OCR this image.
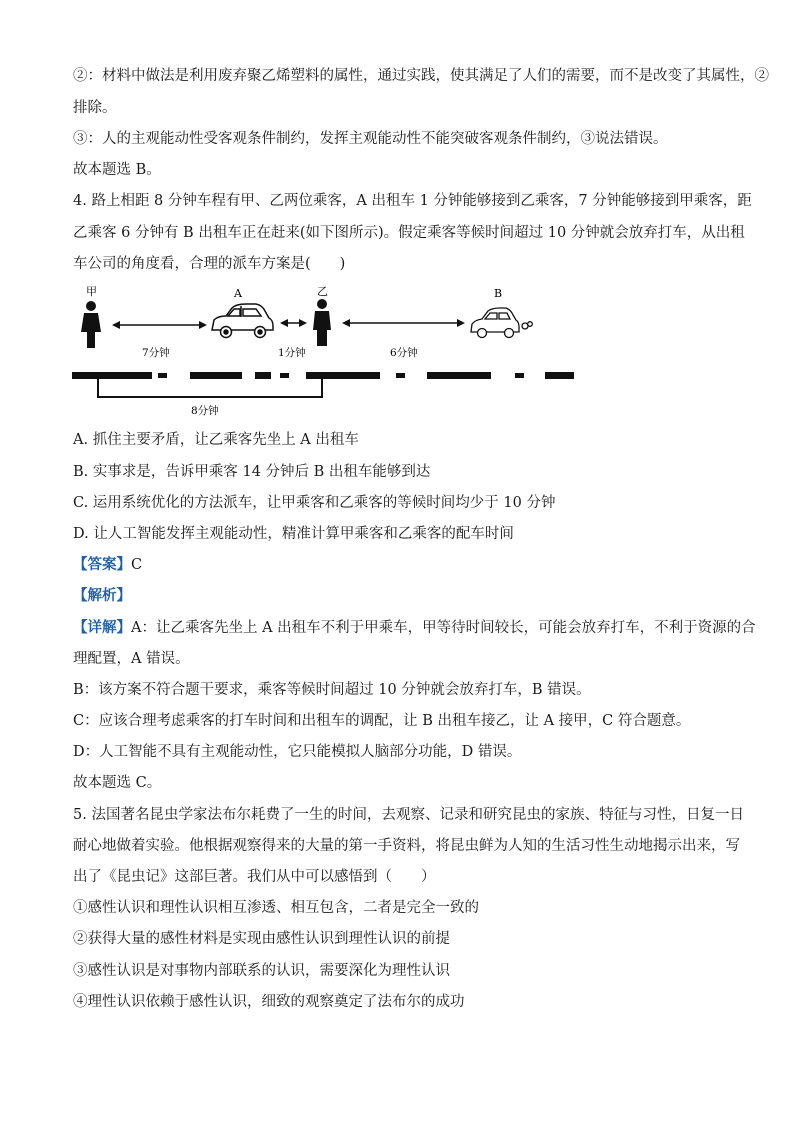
②：材料中做法是利用废弃聚乙烯塑料的属性，通过实践，使其满足了人们的需要，而不是改变了其属性，②
排除。
③：人的主观能动性受客观条件制约，发挥主观能动性不能突破客观条件制约，③说法错误。
故本题选 B。
4. 路上相距 8 分钟车程有甲、乙两位乘客，A 出租车 1 分钟能够接到乙乘客，7 分钟能够接到甲乘客，距
乙乘客 6 分钟有 B 出租车正在赶来(如下图所示)。假定乘客等候时间超过 10 分钟就会放弃打车，从出租
车公司的角度看，合理的派车方案是(　　)
甲	A	乙	B
7分钟	1分钟	6分钟
8分钟
A. 抓住主要矛盾，让乙乘客先坐上 A 出租车
B. 实事求是，告诉甲乘客 14 分钟后 B 出租车能够到达
C. 运用系统优化的方法派车，让甲乘客和乙乘客的等候时间均少于 10 分钟
D. 让人工智能发挥主观能动性，精准计算甲乘客和乙乘客的配车时间
【答案】C
【解析】
【详解】A：让乙乘客先坐上 A 出租车不利于甲乘车，甲等待时间较长，可能会放弃打车，不利于资源的合
理配置，A 错误。
B：该方案不符合题干要求，乘客等候时间超过 10 分钟就会放弃打车，B 错误。
C：应该合理考虑乘客的打车时间和出租车的调配，让 B 出租车接乙，让 A 接甲，C 符合题意。
D：人工智能不具有主观能动性，它只能模拟人脑部分功能，D 错误。
故本题选 C。
5. 法国著名昆虫学家法布尔耗费了一生的时间，去观察、记录和研究昆虫的家族、特征与习性，日复一日
耐心地做着实验。他根据观察得来的大量的第一手资料，将昆虫鲜为人知的生活习性生动地揭示出来，写
出了《昆虫记》这部巨著。我们从中可以感悟到（　　）
①感性认识和理性认识相互渗透、相互包含，二者是完全一致的
②获得大量的感性材料是实现由感性认识到理性认识的前提
③感性认识是对事物内部联系的认识，需要深化为理性认识
④理性认识依赖于感性认识，细致的观察奠定了法布尔的成功
